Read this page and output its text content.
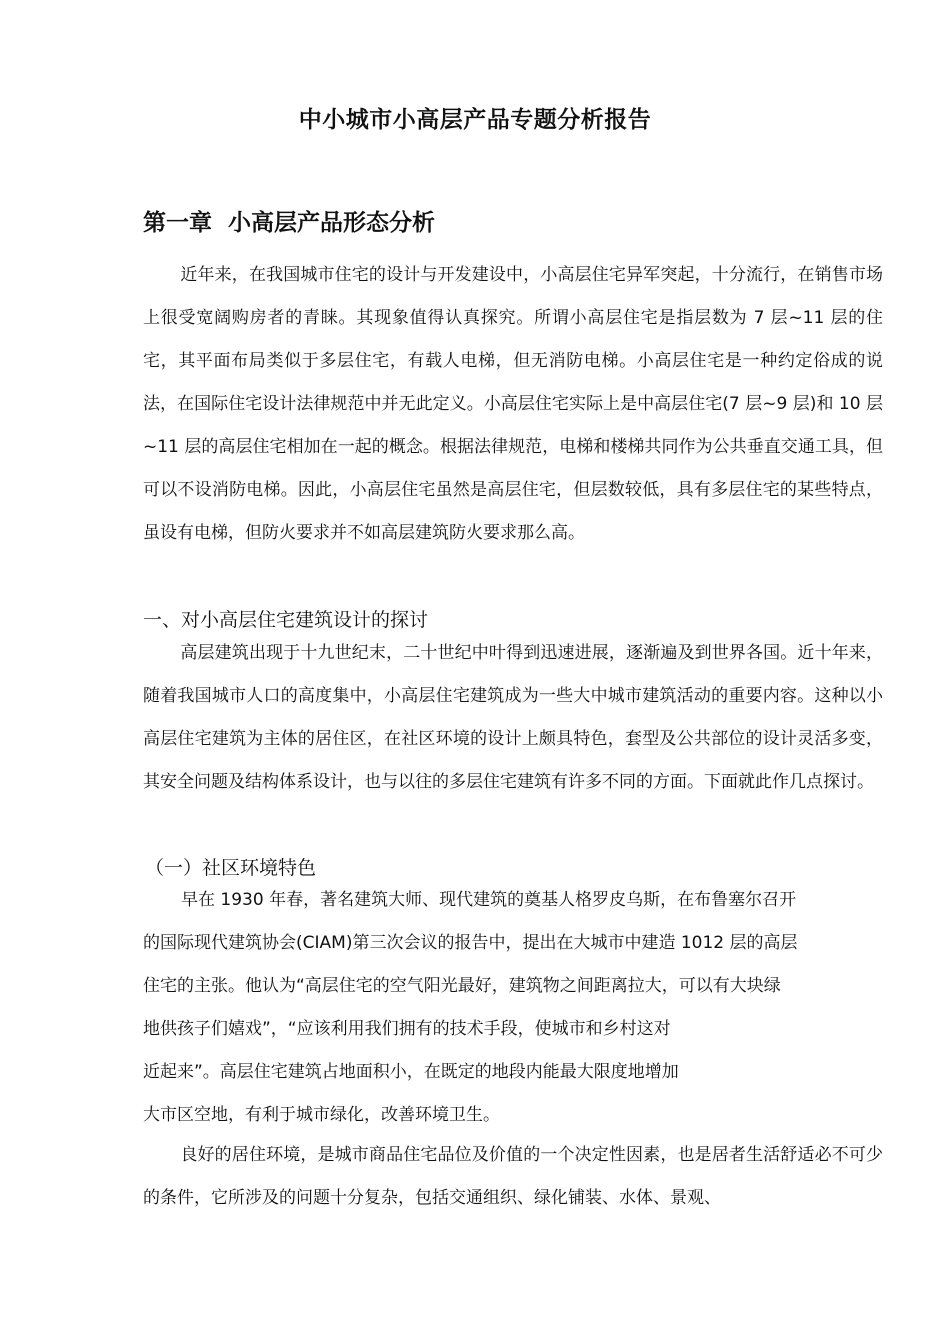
中小城市小高层产品专题分析报告
第一章 小高层产品形态分析
近年来，在我国城市住宅的设计与开发建设中，小高层住宅异军突起，十分流行，在销售市场上很受宽阔购房者的青睐。其现象值得认真探究。所谓小高层住宅是指层数为 7 层~11 层的住宅，其平面布局类似于多层住宅，有载人电梯，但无消防电梯。小高层住宅是一种约定俗成的说法，在国际住宅设计法律规范中并无此定义。小高层住宅实际上是中高层住宅(7 层~9 层)和 10 层~11 层的高层住宅相加在一起的概念。根据法律规范，电梯和楼梯共同作为公共垂直交通工具，但可以不设消防电梯。因此，小高层住宅虽然是高层住宅，但层数较低，具有多层住宅的某些特点，虽设有电梯，但防火要求并不如高层建筑防火要求那么高。
一、对小高层住宅建筑设计的探讨
高层建筑出现于十九世纪末，二十世纪中叶得到迅速进展，逐渐遍及到世界各国。近十年来，随着我国城市人口的高度集中，小高层住宅建筑成为一些大中城市建筑活动的重要内容。这种以小高层住宅建筑为主体的居住区，在社区环境的设计上颇具特色，套型及公共部位的设计灵活多变，其安全问题及结构体系设计，也与以往的多层住宅建筑有许多不同的方面。下面就此作几点探讨。
（一）社区环境特色
早在 1930 年春，著名建筑大师、现代建筑的奠基人格罗皮乌斯，在布鲁塞尔召开
的国际现代建筑协会(CIAM)第三次会议的报告中，提出在大城市中建造 1012 层的高层
住宅的主张。他认为“高层住宅的空气阳光最好，建筑物之间距离拉大，可以有大块绿
地供孩子们嬉戏”，“应该利用我们拥有的技术手段，使城市和乡村这对
近起来”。高层住宅建筑占地面积小，在既定的地段内能最大限度地增加
大市区空地，有利于城市绿化，改善环境卫生。
良好的居住环境，是城市商品住宅品位及价值的一个决定性因素，也是居者生活舒适必不可少的条件，它所涉及的问题十分复杂，包括交通组织、绿化铺装、水体、景观、
